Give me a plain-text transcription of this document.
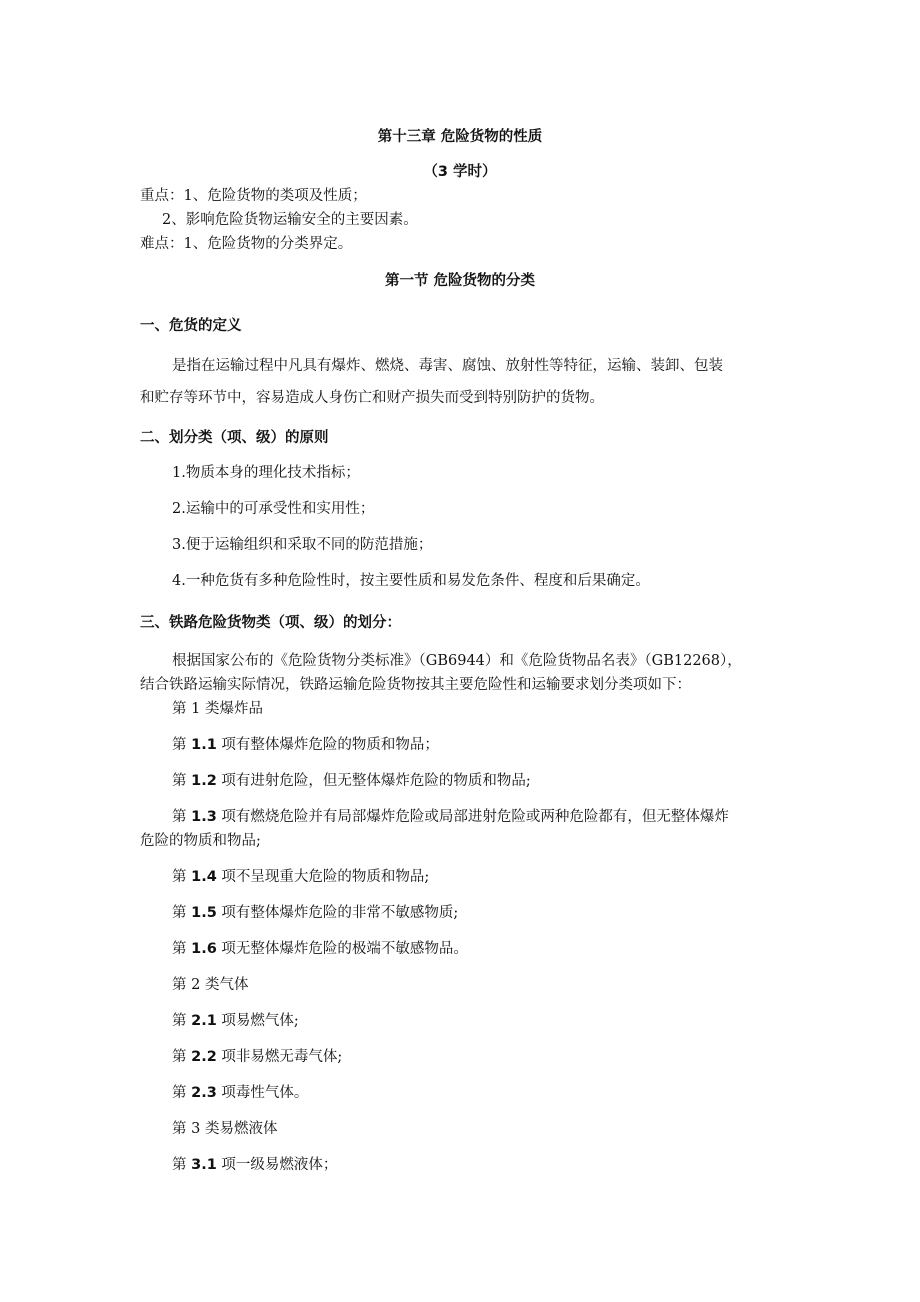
第十三章 危险货物的性质
（3 学时）
重点：1、危险货物的类项及性质；
2、影响危险货物运输安全的主要因素。
难点：1、危险货物的分类界定。
第一节 危险货物的分类
一、危货的定义
是指在运输过程中凡具有爆炸、燃烧、毒害、腐蚀、放射性等特征，运输、装卸、包装
和贮存等环节中，容易造成人身伤亡和财产损失而受到特别防护的货物。
二、划分类（项、级）的原则
1.物质本身的理化技术指标；
2.运输中的可承受性和实用性；
3.便于运输组织和采取不同的防范措施；
4.一种危货有多种危险性时，按主要性质和易发危条件、程度和后果确定。
三、铁路危险货物类（项、级）的划分：
根据国家公布的《危险货物分类标准》（GB6944）和《危险货物品名表》（GB12268），
结合铁路运输实际情况，铁路运输危险货物按其主要危险性和运输要求划分类项如下：
第 1 类爆炸品
第 1.1 项有整体爆炸危险的物质和物品；
第 1.2 项有进射危险，但无整体爆炸危险的物质和物品;
第 1.3 项有燃烧危险并有局部爆炸危险或局部进射危险或两种危险都有，但无整体爆炸
危险的物质和物品;
第 1.4 项不呈现重大危险的物质和物品;
第 1.5 项有整体爆炸危险的非常不敏感物质;
第 1.6 项无整体爆炸危险的极端不敏感物品。
第 2 类气体
第 2.1 项易燃气体;
第 2.2 项非易燃无毒气体;
第 2.3 项毒性气体。
第 3 类易燃液体
第 3.1 项一级易燃液体；
